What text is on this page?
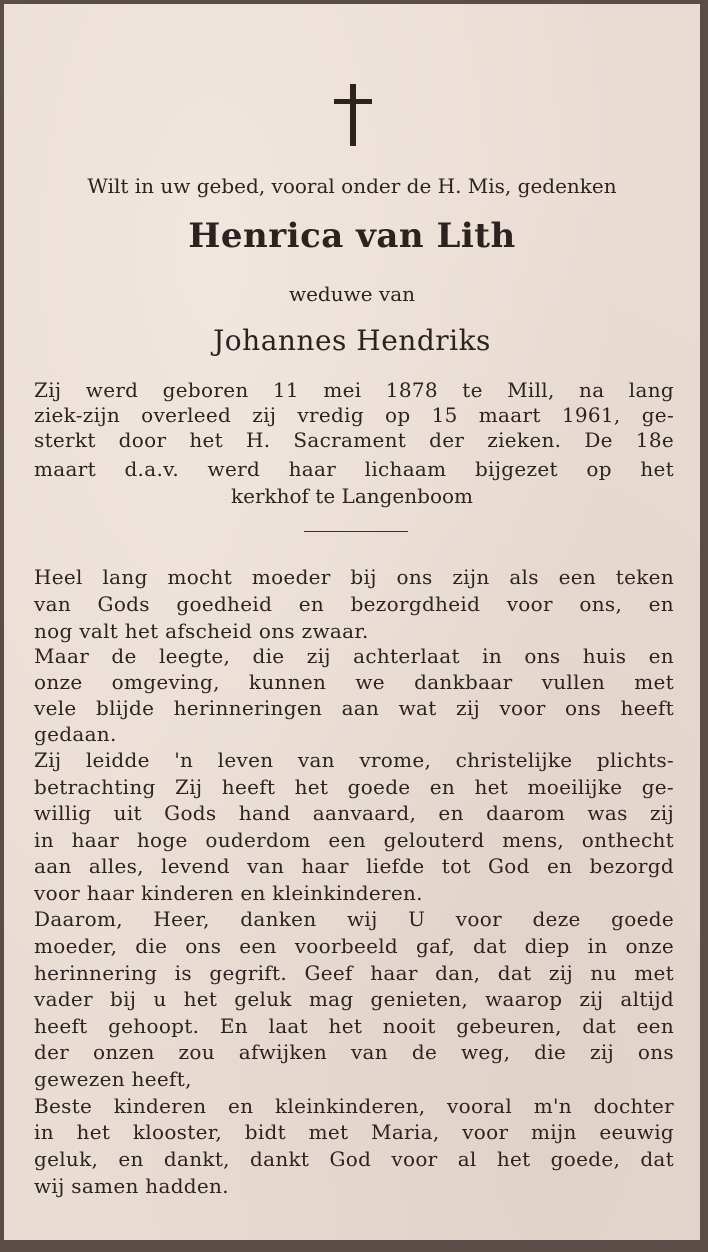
Wilt in uw gebed, vooral onder de H. Mis, gedenken
Henrica van Lith
weduwe van
Johannes Hendriks
Zij werd geboren 11 mei 1878 te Mill, na lang
ziek-zijn overleed zij vredig op 15 maart 1961, ge-
sterkt door het H. Sacrament der zieken. De 18e
maart d.a.v. werd haar lichaam bijgezet op het
kerkhof te Langenboom
Heel lang mocht moeder bij ons zijn als een teken
van Gods goedheid en bezorgdheid voor ons, en
nog valt het afscheid ons zwaar.
Maar de leegte, die zij achterlaat in ons huis en
onze omgeving, kunnen we dankbaar vullen met
vele blijde herinneringen aan wat zij voor ons heeft
gedaan.
Zij leidde 'n leven van vrome, christelijke plichts-
betrachting Zij heeft het goede en het moeilijke ge-
willig uit Gods hand aanvaard, en daarom was zij
in haar hoge ouderdom een gelouterd mens, onthecht
aan alles, levend van haar liefde tot God en bezorgd
voor haar kinderen en kleinkinderen.
Daarom, Heer, danken wij U voor deze goede
moeder, die ons een voorbeeld gaf, dat diep in onze
herinnering is gegrift. Geef haar dan, dat zij nu met
vader bij u het geluk mag genieten, waarop zij altijd
heeft gehoopt. En laat het nooit gebeuren, dat een
der onzen zou afwijken van de weg, die zij ons
gewezen heeft,
Beste kinderen en kleinkinderen, vooral m'n dochter
in het klooster, bidt met Maria, voor mijn eeuwig
geluk, en dankt, dankt God voor al het goede, dat
wij samen hadden.
